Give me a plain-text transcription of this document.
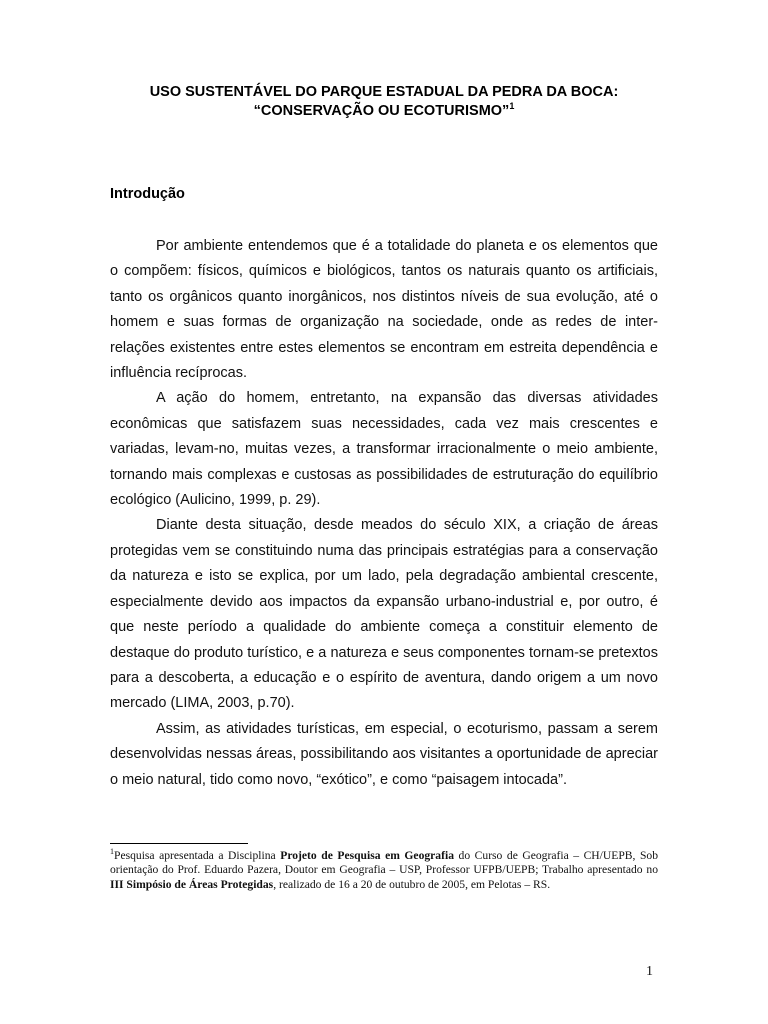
USO SUSTENTÁVEL DO PARQUE ESTADUAL DA PEDRA DA BOCA:
“CONSERVAÇÃO OU ECOTURISMO”$^1$
Introdução

Por ambiente entendemos que é a totalidade do planeta e os elementos que o compõem: físicos, químicos e biológicos, tantos os naturais quanto os artificiais, tanto os orgânicos quanto inorgânicos, nos distintos níveis de sua evolução, até o homem e suas formas de organização na sociedade, onde as redes de inter-relações existentes entre estes elementos se encontram em estreita dependência e influência recíprocas.

A ação do homem, entretanto, na expansão das diversas atividades econômicas que satisfazem suas necessidades, cada vez mais crescentes e variadas, levam-no, muitas vezes, a transformar irracionalmente o meio ambiente, tornando mais complexas e custosas as possibilidades de estruturação do equilíbrio ecológico (Aulicino, 1999, p. 29).

Diante desta situação, desde meados do século XIX, a criação de áreas protegidas vem se constituindo numa das principais estratégias para a conservação da natureza e isto se explica, por um lado, pela degradação ambiental crescente, especialmente devido aos impactos da expansão urbano-industrial e, por outro, é que neste período a qualidade do ambiente começa a constituir elemento de destaque do produto turístico, e a natureza e seus componentes tornam-se pretextos para a descoberta, a educação e o espírito de aventura, dando origem a um novo mercado (LIMA, 2003, p.70).

Assim, as atividades turísticas, em especial, o ecoturismo, passam a serem desenvolvidas nessas áreas, possibilitando aos visitantes a oportunidade de apreciar o meio natural, tido como novo, “exótico”, e como “paisagem intocada”.

$^1$Pesquisa apresentada a Disciplina Projeto de Pesquisa em Geografia do Curso de Geografia – CH/UEPB, Sob orientação do Prof. Eduardo Pazera, Doutor em Geografia – USP, Professor UFPB/UEPB; Trabalho apresentado no III Simpósio de Áreas Protegidas, realizado de 16 a 20 de outubro de 2005, em Pelotas – RS.
1
